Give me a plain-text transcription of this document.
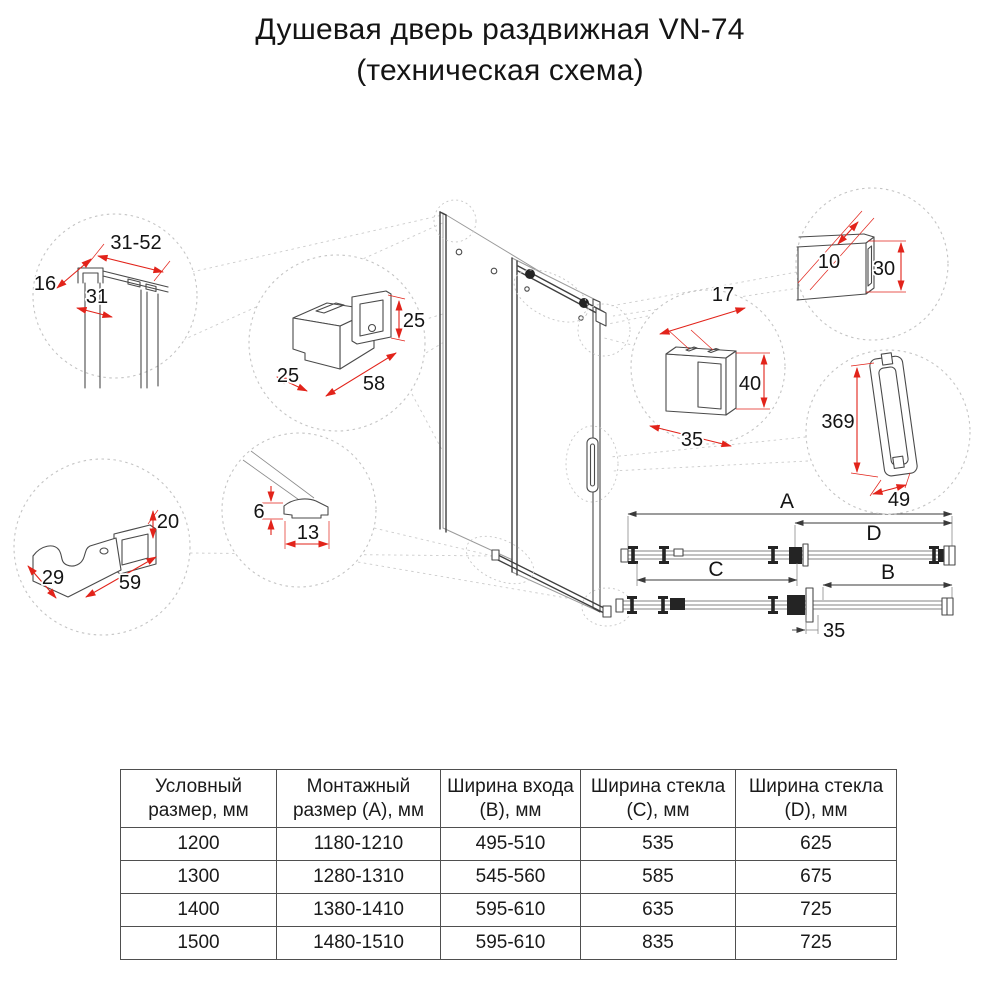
Душевая дверь раздвижная VN-74
(техническая схема)
A
D
C	B
35
31-52
16
31
25
58
25
10 30
17
40
35
369
49
20
29	59
6
13
Условный размер, мм	Монтажный размер (А), мм	Ширина входа (В), мм	Ширина стекла (С), мм	Ширина стекла (D), мм
1200	1180-1210	495-510	535	625
1300	1280-1310	545-560	585	675
1400	1380-1410	595-610	635	725
1500	1480-1510	595-610	835	725
